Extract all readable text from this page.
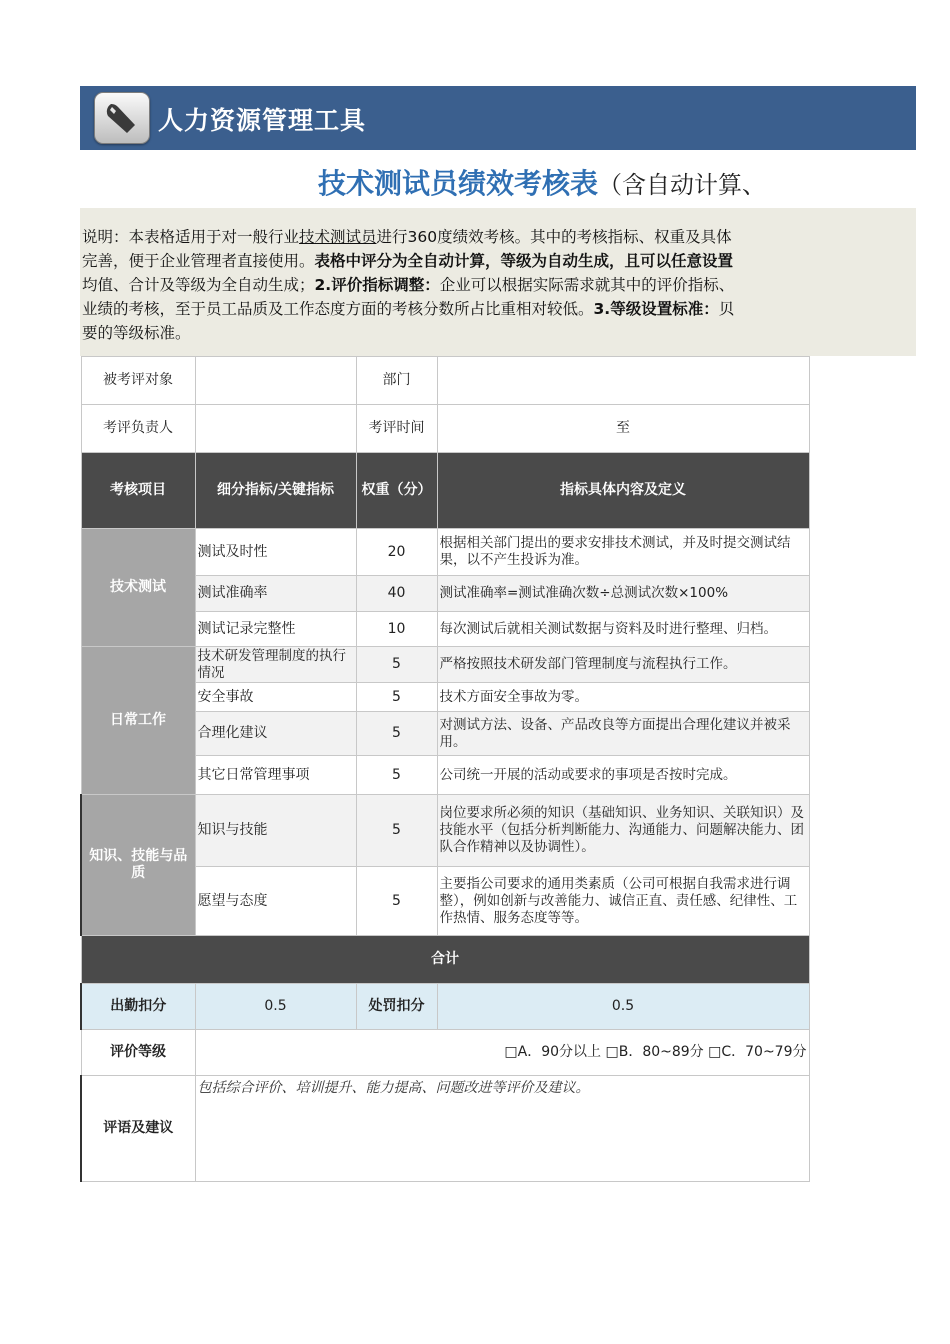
人力资源管理工具
技术测试员绩效考核表（含自动计算、
说明：本表格适用于对一般行业技术测试员进行360度绩效考核。其中的考核指标、权重及具体
完善，便于企业管理者直接使用。表格中评分为全自动计算，等级为自动生成，且可以任意设置
均值、合计及等级为全自动生成；2.评价指标调整：企业可以根据实际需求就其中的评价指标、
业绩的考核，至于员工品质及工作态度方面的考核分数所占比重相对较低。3.等级设置标准：贝
要的等级标准。
被考评对象		部门	
考评负责人		考评时间	至
考核项目	细分指标/关键指标	权重（分）	指标具体内容及定义
技术测试	测试及时性	20	根据相关部门提出的要求安排技术测试，并及时提交测试结果，以不产生投诉为准。
	测试准确率	40	测试准确率=测试准确次数÷总测试次数×100%
	测试记录完整性	10	每次测试后就相关测试数据与资料及时进行整理、归档。
日常工作	技术研发管理制度的执行情况	5	严格按照技术研发部门管理制度与流程执行工作。
	安全事故	5	技术方面安全事故为零。
	合理化建议	5	对测试方法、设备、产品改良等方面提出合理化建议并被采用。
	其它日常管理事项	5	公司统一开展的活动或要求的事项是否按时完成。
知识、技能与品质	知识与技能	5	岗位要求所必须的知识（基础知识、业务知识、关联知识）及技能水平（包括分析判断能力、沟通能力、问题解决能力、团队合作精神以及协调性）。
	愿望与态度	5	主要指公司要求的通用类素质（公司可根据自我需求进行调整），例如创新与改善能力、诚信正直、责任感、纪律性、工作热情、服务态度等等。
合计			
出勤扣分	0.5	处罚扣分	0.5
评价等级	□A．90分以上 □B．80~89分 □C．70~79分		
评语及建议	包括综合评价、培训提升、能力提高、问题改进等评价及建议。		
